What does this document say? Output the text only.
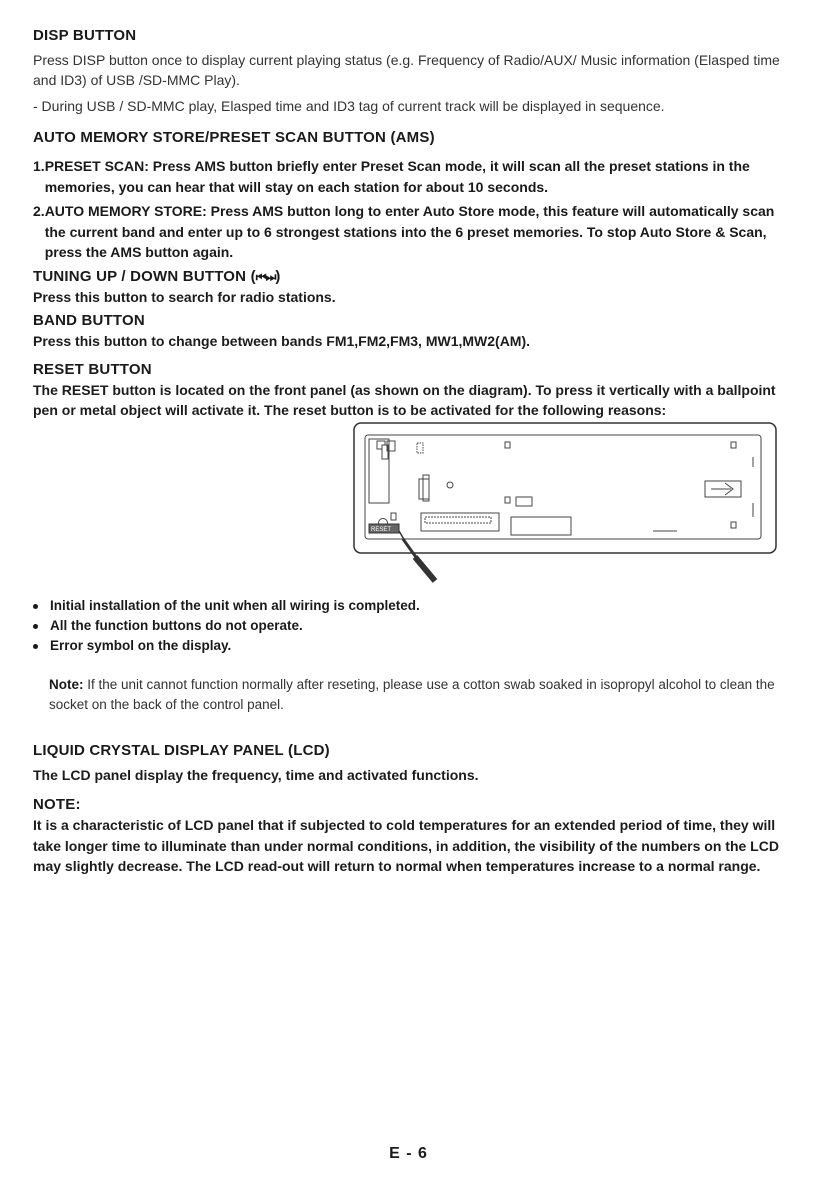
DISP BUTTON

Press DISP button once to display current playing status (e.g. Frequency of Radio/AUX/ Music information (Elasped time and ID3) of USB /SD-MMC Play).

- During USB / SD-MMC play, Elasped time and ID3 tag of current track will be displayed in sequence.

AUTO MEMORY STORE/PRESET SCAN BUTTON (AMS)
1. PRESET SCAN: Press AMS button briefly enter Preset Scan mode, it will scan all the preset stations in the memories, you can hear that will stay on each station for about 10 seconds.
2. AUTO MEMORY STORE: Press AMS button long to enter Auto Store mode, this feature will automatically scan the current band and enter up to 6 strongest stations into the 6 preset memories. To stop Auto Store & Scan, press the AMS button again.
TUNING UP / DOWN BUTTON (⏮⏭)

Press this button to search for radio stations.

BAND BUTTON

Press this button to change between bands FM1,FM2,FM3, MW1,MW2(AM).

RESET BUTTON

The RESET button is located on the front panel (as shown on the diagram). To press it vertically with a ballpoint pen or metal object will activate it. The reset button is to be activated for the following reasons:

RESET
Initial installation of the unit when all wiring is completed.
All the function buttons do not operate.
Error symbol on the display.

Note: If the unit cannot function normally after reseting, please use a cotton swab soaked in isopropyl alcohol to clean the socket on the back of the control panel.

LIQUID CRYSTAL DISPLAY PANEL (LCD)

The LCD panel display the frequency, time and activated functions.

NOTE:

It is a characteristic of LCD panel that if subjected to cold temperatures for an extended period of time, they will take longer time to illuminate than under normal conditions, in addition, the visibility of the numbers on the LCD may slightly decrease. The LCD read-out will return to normal when temperatures increase to a normal range.

E - 6
